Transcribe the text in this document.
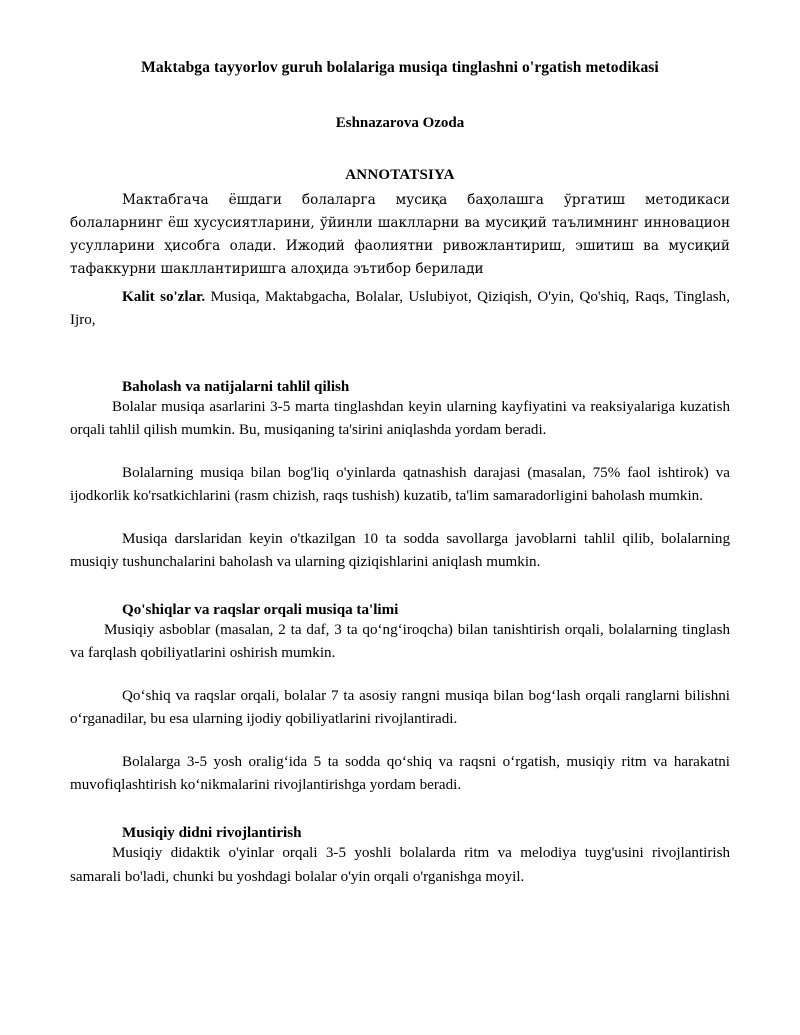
Maktabga tayyorlov guruh bolalariga musiqa tinglashni o'rgatish metodikasi
Eshnazarova Ozoda
ANNOTATSIYA

Мактабгача ёшдаги болаларга мусиқа баҳолашга ўргатиш методикаси болаларнинг ёш хусусиятларини, ўйинли шаклларни ва мусиқий таълимнинг инновацион усулларини ҳисобга олади. Ижодий фаолиятни ривожлантириш, эшитиш ва мусиқий тафаккурни шакллантиришга алоҳида эътибор берилади

Kalit so'zlar. Musiqa, Maktabgacha, Bolalar, Uslubiyot, Qiziqish, O'yin, Qo'shiq, Raqs, Tinglash, Ijro,

Baholash va natijalarni tahlil qilish

Bolalar musiqa asarlarini 3-5 marta tinglashdan keyin ularning kayfiyatini va reaksiyalariga kuzatish orqali tahlil qilish mumkin. Bu, musiqaning ta'sirini aniqlashda yordam beradi.

Bolalarning musiqa bilan bog'liq o'yinlarda qatnashish darajasi (masalan, 75% faol ishtirok) va ijodkorlik ko'rsatkichlarini (rasm chizish, raqs tushish) kuzatib, ta'lim samaradorligini baholash mumkin.

Musiqa darslaridan keyin o'tkazilgan 10 ta sodda savollarga javoblarni tahlil qilib, bolalarning musiqiy tushunchalarini baholash va ularning qiziqishlarini aniqlash mumkin.

Qo'shiqlar va raqslar orqali musiqa ta'limi

Musiqiy asboblar (masalan, 2 ta daf, 3 ta qo‘ng‘iroqcha) bilan tanishtirish orqali, bolalarning tinglash va farqlash qobiliyatlarini oshirish mumkin.

Qo‘shiq va raqslar orqali, bolalar 7 ta asosiy rangni musiqa bilan bog‘lash orqali ranglarni bilishni o‘rganadilar, bu esa ularning ijodiy qobiliyatlarini rivojlantiradi.

Bolalarga 3-5 yosh oralig‘ida 5 ta sodda qo‘shiq va raqsni o‘rgatish, musiqiy ritm va harakatni muvofiqlashtirish ko‘nikmalarini rivojlantirishga yordam beradi.

Musiqiy didni rivojlantirish

Musiqiy didaktik o'yinlar orqali 3-5 yoshli bolalarda ritm va melodiya tuyg'usini rivojlantirish samarali bo'ladi, chunki bu yoshdagi bolalar o'yin orqali o'rganishga moyil.
